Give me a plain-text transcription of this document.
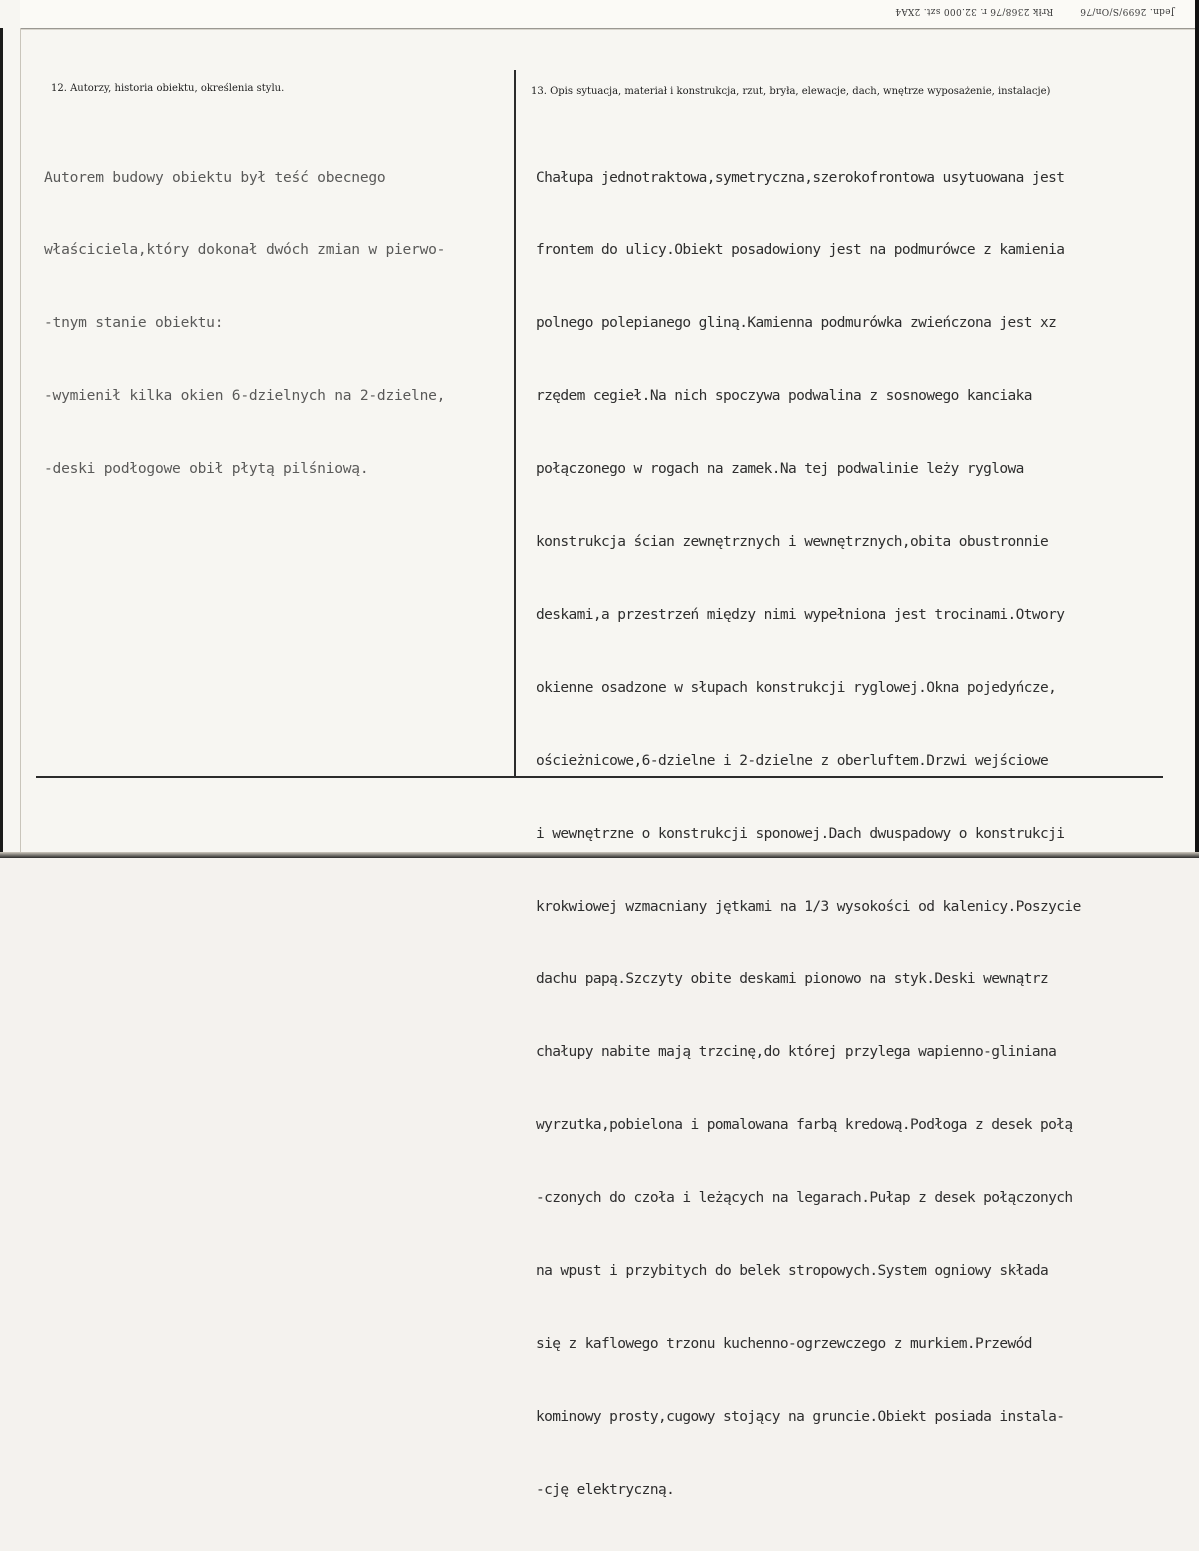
Rrłk 2368/76 r. 32.000 szt. 2XA4	Jedn. 2699/S/On/76
12. Autorzy, historia obiektu, określenia stylu.	13. Opis sytuacja, materiał i konstrukcja, rzut, bryła, elewacje, dach, wnętrze wyposażenie, instalacje)

Autorem budowy obiektu był teść obecnego

właściciela,który dokonał dwóch zmian w pierwo-

-tnym stanie obiektu:

-wymienił kilka okien 6-dzielnych na 2-dzielne,

-deski podłogowe obił płytą pilśniową.

Chałupa jednotraktowa,symetryczna,szerokofrontowa usytuowana jest

frontem do ulicy.Obiekt posadowiony jest na podmurówce z kamienia

polnego polepianego gliną.Kamienna podmurówka zwieńczona jest xz

rzędem cegieł.Na nich spoczywa podwalina z sosnowego kanciaka

połączonego w rogach na zamek.Na tej podwalinie leży ryglowa

konstrukcja ścian zewnętrznych i wewnętrznych,obita obustronnie

deskami,a przestrzeń między nimi wypełniona jest trocinami.Otwory

okienne osadzone w słupach konstrukcji ryglowej.Okna pojedyńcze,

ościeżnicowe,6-dzielne i 2-dzielne z oberluftem.Drzwi wejściowe

i wewnętrzne o konstrukcji sponowej.Dach dwuspadowy o konstrukcji

krokwiowej wzmacniany jętkami na 1/3 wysokości od kalenicy.Poszycie

dachu papą.Szczyty obite deskami pionowo na styk.Deski wewnątrz

chałupy nabite mają trzcinę,do której przylega wapienno-gliniana

wyrzutka,pobielona i pomalowana farbą kredową.Podłoga z desek połą

-czonych do czoła i leżących na legarach.Pułap z desek połączonych

na wpust i przybitych do belek stropowych.System ogniowy składa

się z kaflowego trzonu kuchenno-ogrzewczego z murkiem.Przewód

kominowy prosty,cugowy stojący na gruncie.Obiekt posiada instala-

-cję elektryczną.
